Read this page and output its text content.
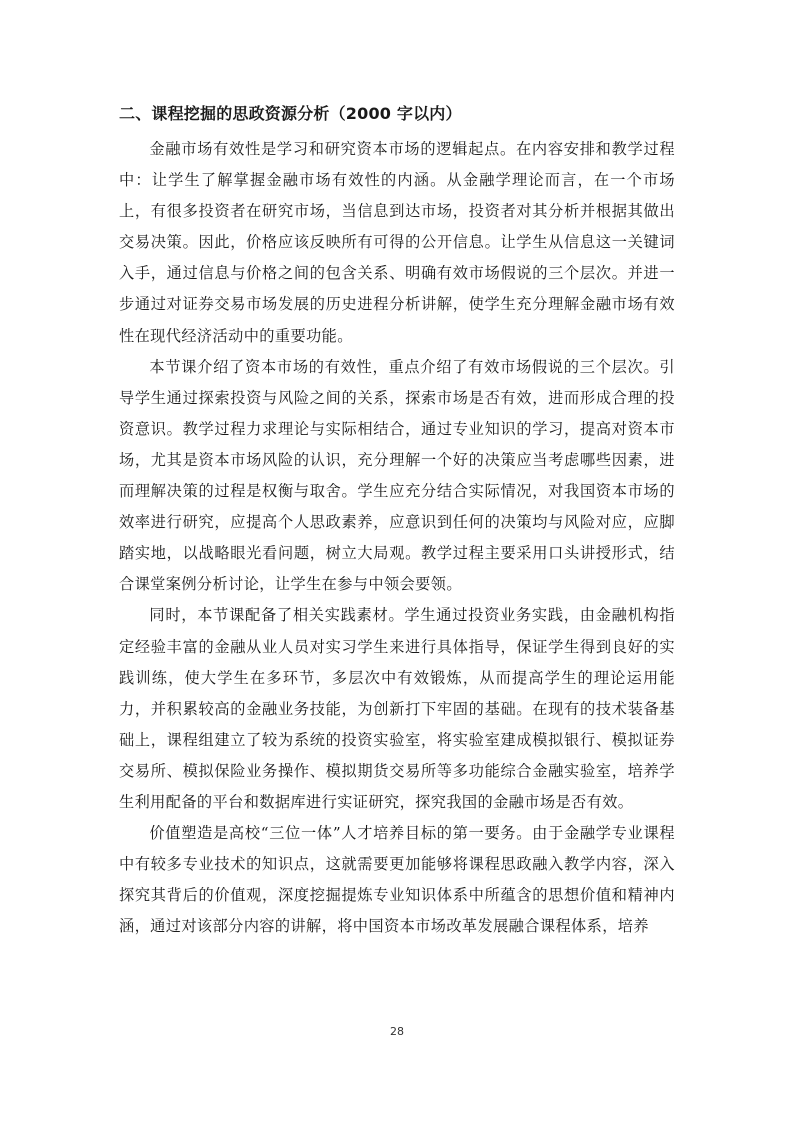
二、课程挖掘的思政资源分析（2000 字以内）

金融市场有效性是学习和研究资本市场的逻辑起点。在内容安排和教学过程中：让学生了解掌握金融市场有效性的内涵。从金融学理论而言，在一个市场上，有很多投资者在研究市场，当信息到达市场，投资者对其分析并根据其做出交易决策。因此，价格应该反映所有可得的公开信息。让学生从信息这一关键词入手，通过信息与价格之间的包含关系、明确有效市场假说的三个层次。并进一步通过对证券交易市场发展的历史进程分析讲解，使学生充分理解金融市场有效性在现代经济活动中的重要功能。

本节课介绍了资本市场的有效性，重点介绍了有效市场假说的三个层次。引导学生通过探索投资与风险之间的关系，探索市场是否有效，进而形成合理的投资意识。教学过程力求理论与实际相结合，通过专业知识的学习，提高对资本市场，尤其是资本市场风险的认识，充分理解一个好的决策应当考虑哪些因素，进而理解决策的过程是权衡与取舍。学生应充分结合实际情况，对我国资本市场的效率进行研究，应提高个人思政素养，应意识到任何的决策均与风险对应，应脚踏实地，以战略眼光看问题，树立大局观。教学过程主要采用口头讲授形式，结合课堂案例分析讨论，让学生在参与中领会要领。

同时，本节课配备了相关实践素材。学生通过投资业务实践，由金融机构指定经验丰富的金融从业人员对实习学生来进行具体指导，保证学生得到良好的实践训练，使大学生在多环节，多层次中有效锻炼，从而提高学生的理论运用能力，并积累较高的金融业务技能，为创新打下牢固的基础。在现有的技术装备基础上，课程组建立了较为系统的投资实验室，将实验室建成模拟银行、模拟证券交易所、模拟保险业务操作、模拟期货交易所等多功能综合金融实验室，培养学生利用配备的平台和数据库进行实证研究，探究我国的金融市场是否有效。

价值塑造是高校“三位一体”人才培养目标的第一要务。由于金融学专业课程中有较多专业技术的知识点，这就需要更加能够将课程思政融入教学内容，深入探究其背后的价值观，深度挖掘提炼专业知识体系中所蕴含的思想价值和精神内涵，通过对该部分内容的讲解，将中国资本市场改革发展融合课程体系，培养

28
